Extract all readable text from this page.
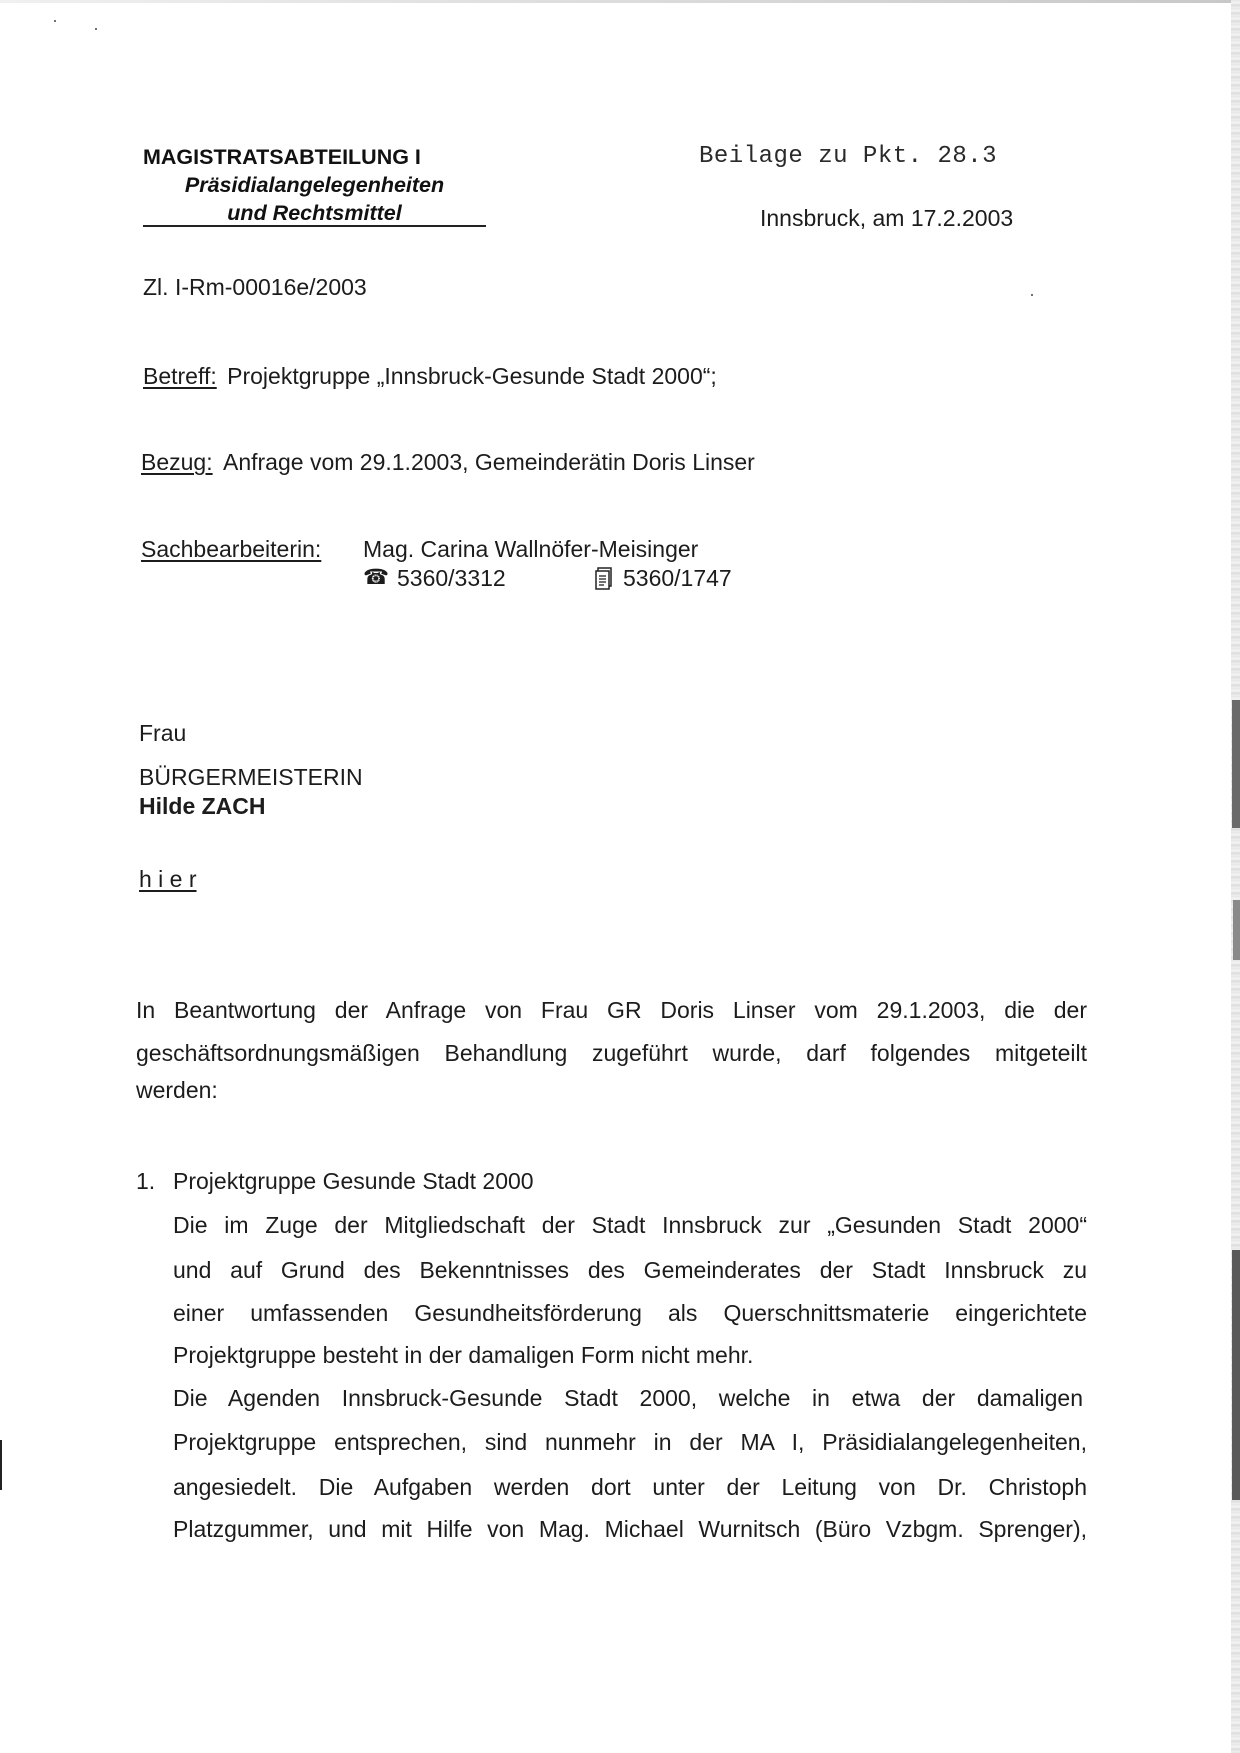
MAGISTRATSABTEILUNG I
Präsidialangelegenheiten
und Rechtsmittel
Beilage zu Pkt. 28.3
Innsbruck, am 17.2.2003
Zl. I-Rm-00016e/2003
Betreff: Projektgruppe „Innsbruck-Gesunde Stadt 2000“;
Bezug: Anfrage vom 29.1.2003, Gemeinderätin Doris Linser
Sachbearbeiterin: Mag. Carina Wallnöfer-Meisinger
☎ 5360/3312	5360/1747
Frau
BÜRGERMEISTERIN
Hilde ZACH
h i e r
In Beantwortung der Anfrage von Frau GR Doris Linser vom 29.1.2003, die der
geschäftsordnungsmäßigen Behandlung zugeführt wurde, darf folgendes mitgeteilt
werden:
1. Projektgruppe Gesunde Stadt 2000
Die im Zuge der Mitgliedschaft der Stadt Innsbruck zur „Gesunden Stadt 2000“
und auf Grund des Bekenntnisses des Gemeinderates der Stadt Innsbruck zu
einer umfassenden Gesundheitsförderung als Querschnittsmaterie eingerichtete
Projektgruppe besteht in der damaligen Form nicht mehr.
Die Agenden Innsbruck-Gesunde Stadt 2000, welche in etwa der damaligen
Projektgruppe entsprechen, sind nunmehr in der MA I, Präsidialangelegenheiten,
angesiedelt. Die Aufgaben werden dort unter der Leitung von Dr. Christoph
Platzgummer, und mit Hilfe von Mag. Michael Wurnitsch (Büro Vzbgm. Sprenger),
